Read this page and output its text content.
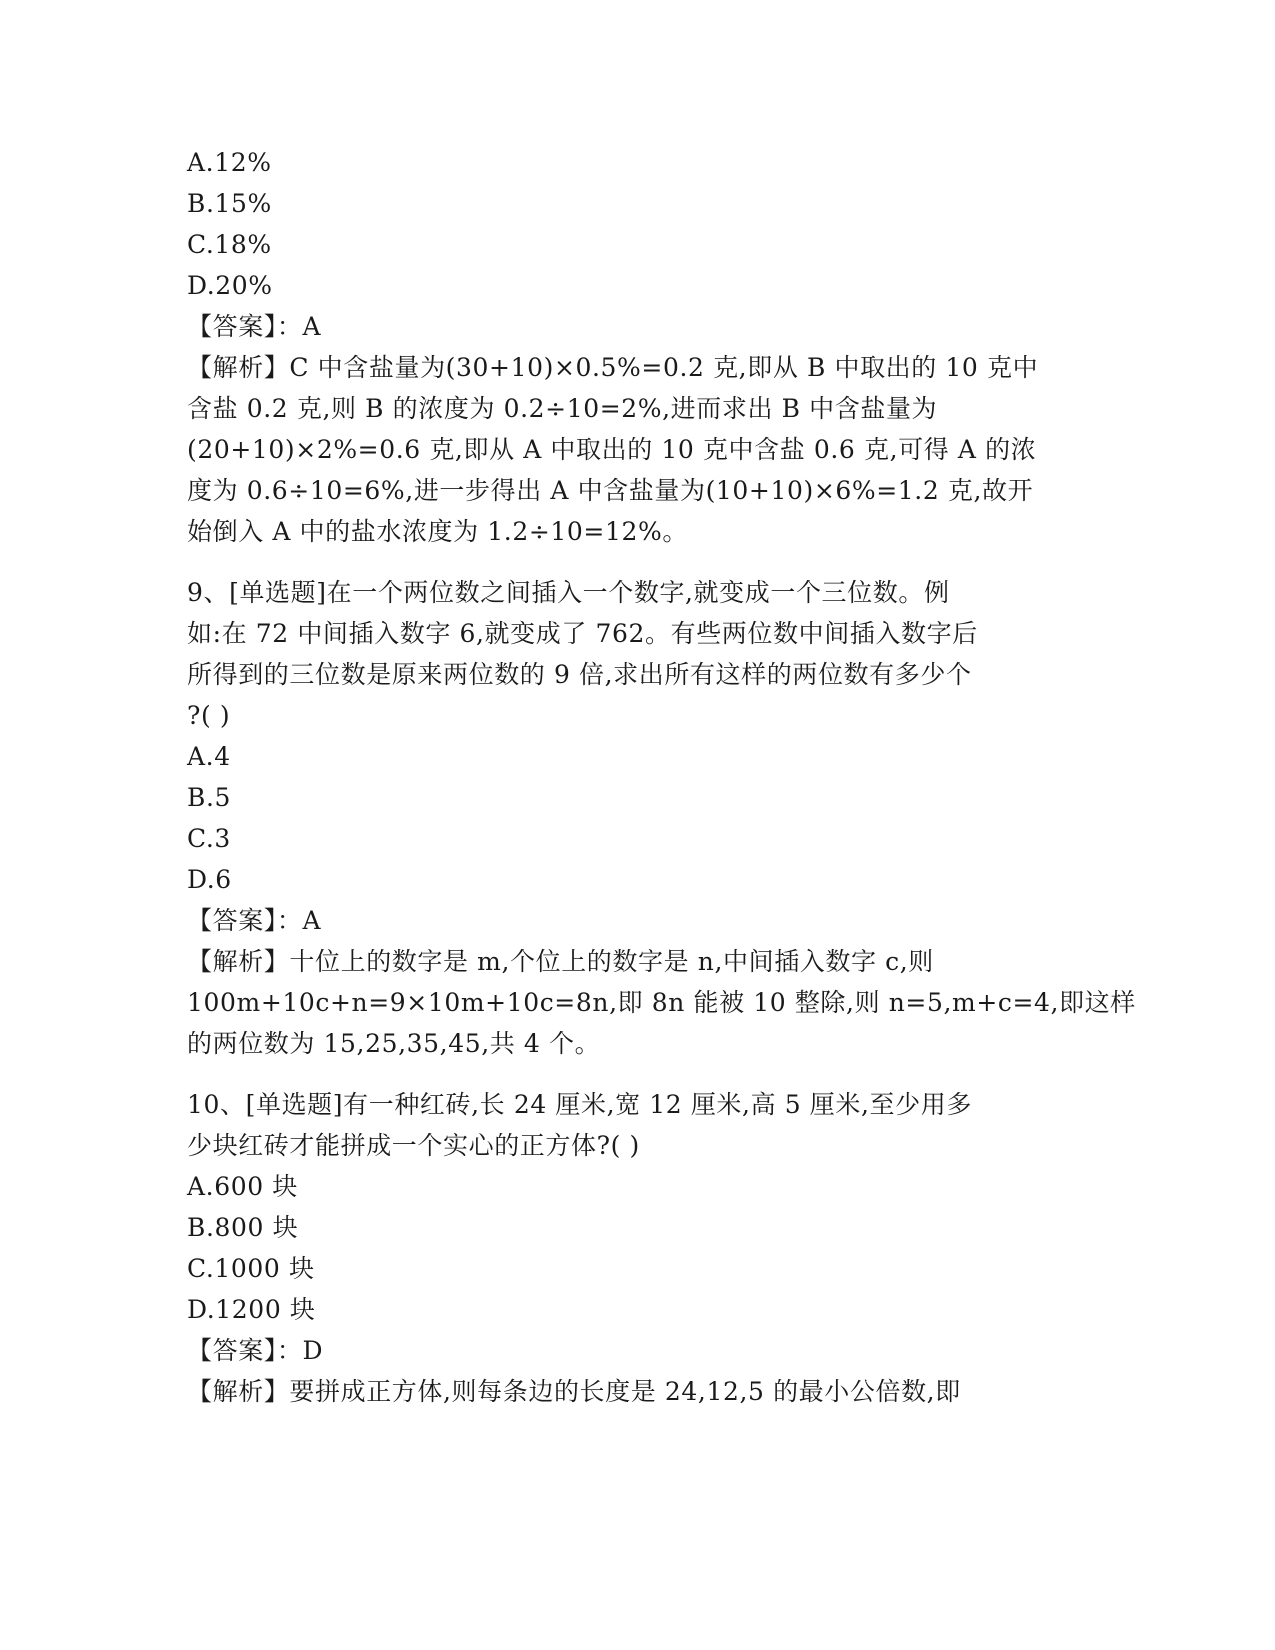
A.12%
B.15%
C.18%
D.20%
【答案】：A
【解析】C 中含盐量为(30+10)×0.5%=0.2 克,即从 B 中取出的 10 克中
含盐 0.2 克,则 B 的浓度为 0.2÷10=2%,进而求出 B 中含盐量为
(20+10)×2%=0.6 克,即从 A 中取出的 10 克中含盐 0.6 克,可得 A 的浓
度为 0.6÷10=6%,进一步得出 A 中含盐量为(10+10)×6%=1.2 克,故开
始倒入 A 中的盐水浓度为 1.2÷10=12%。
9、[单选题]在一个两位数之间插入一个数字,就变成一个三位数。例
如:在 72 中间插入数字 6,就变成了 762。有些两位数中间插入数字后
所得到的三位数是原来两位数的 9 倍,求出所有这样的两位数有多少个
?( )
A.4
B.5
C.3
D.6
【答案】：A
【解析】十位上的数字是 m,个位上的数字是 n,中间插入数字 c,则
100m+10c+n=9×10m+10c=8n,即 8n 能被 10 整除,则 n=5,m+c=4,即这样
的两位数为 15,25,35,45,共 4 个。
10、[单选题]有一种红砖,长 24 厘米,宽 12 厘米,高 5 厘米,至少用多
少块红砖才能拼成一个实心的正方体?( )
A.600 块
B.800 块
C.1000 块
D.1200 块
【答案】：D
【解析】要拼成正方体,则每条边的长度是 24,12,5 的最小公倍数,即
